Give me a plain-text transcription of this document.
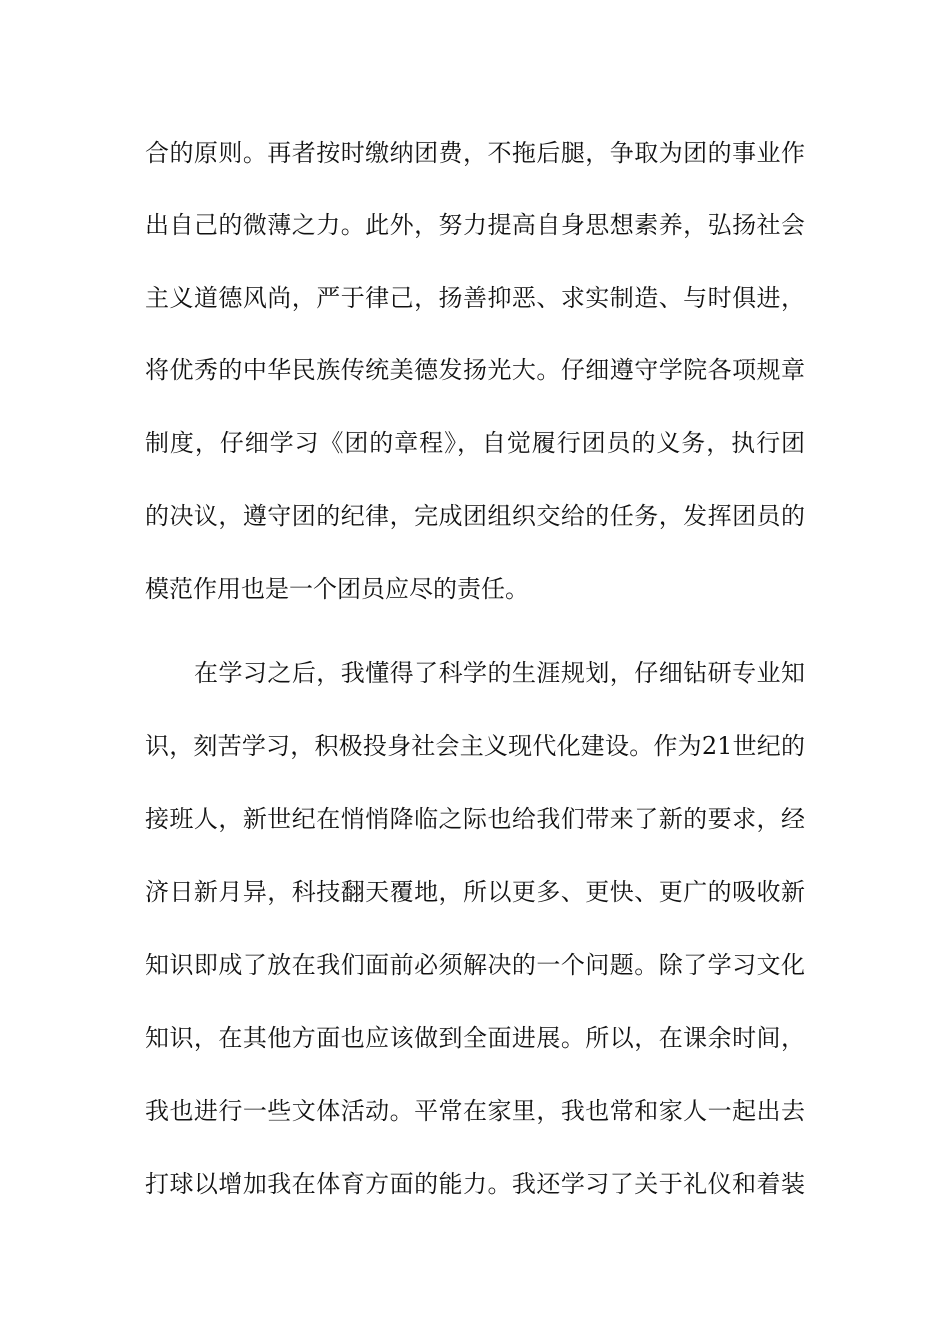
合的原则。再者按时缴纳团费，不拖后腿，争取为团的事业作
出自己的微薄之力。此外，努力提高自身思想素养，弘扬社会
主义道德风尚，严于律己，扬善抑恶、求实制造、与时俱进，
将优秀的中华民族传统美德发扬光大。仔细遵守学院各项规章
制度，仔细学习《团的章程》，自觉履行团员的义务，执行团
的决议，遵守团的纪律，完成团组织交给的任务，发挥团员的
模范作用也是一个团员应尽的责任。
在学习之后，我懂得了科学的生涯规划，仔细钻研专业知
识，刻苦学习，积极投身社会主义现代化建设。作为21世纪的
接班人，新世纪在悄悄降临之际也给我们带来了新的要求，经
济日新月异，科技翻天覆地，所以更多、更快、更广的吸收新
知识即成了放在我们面前必须解决的一个问题。除了学习文化
知识，在其他方面也应该做到全面进展。所以，在课余时间，
我也进行一些文体活动。平常在家里，我也常和家人一起出去
打球以增加我在体育方面的能力。我还学习了关于礼仪和着装
